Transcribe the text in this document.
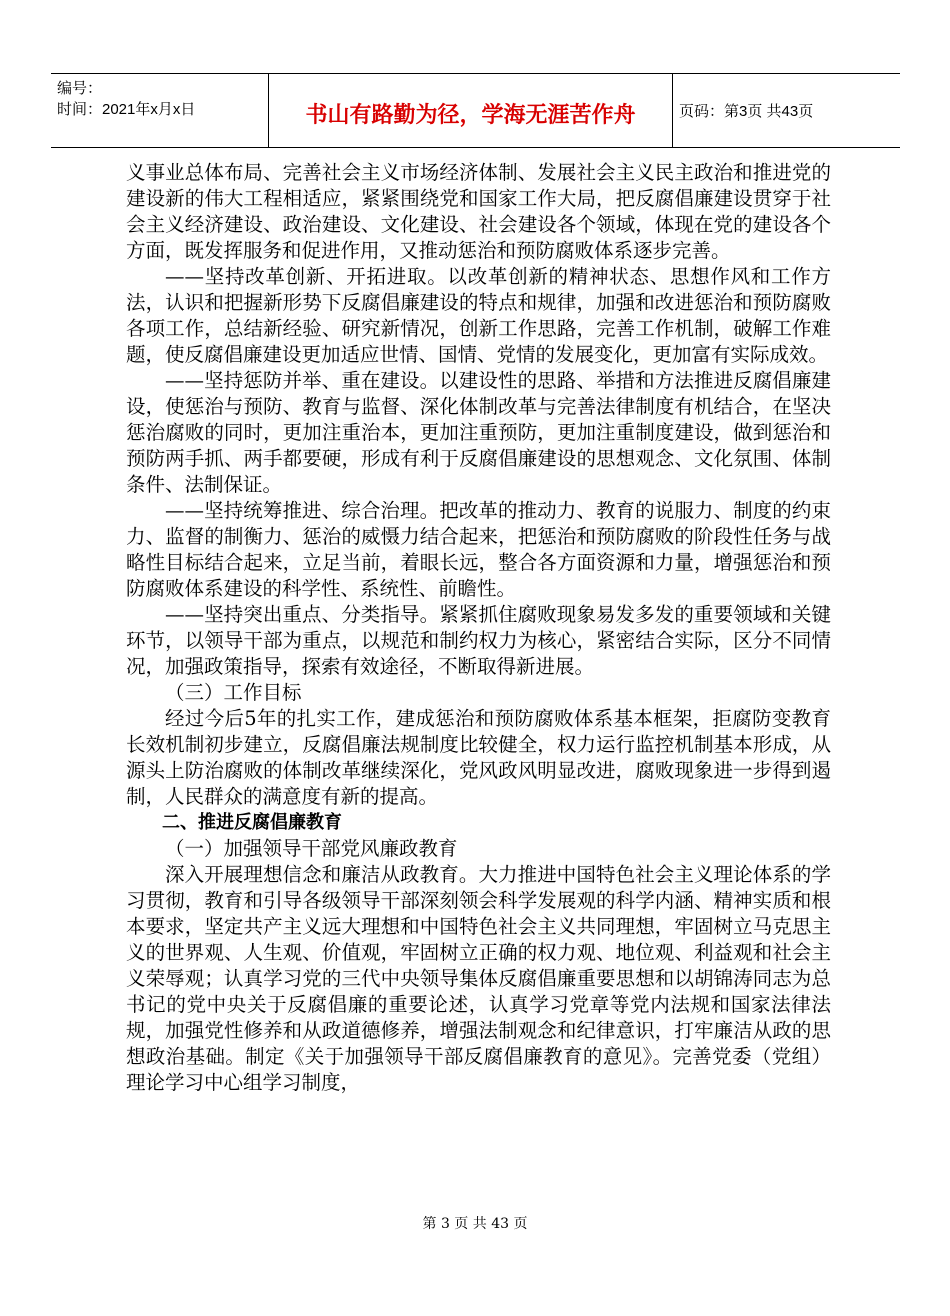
编号：
时间：2021年x月x日	书山有路勤为径，学海无涯苦作舟	页码：第3页 共43页

义事业总体布局、完善社会主义市场经济体制、发展社会主义民主政治和推进党的建设新的伟大工程相适应，紧紧围绕党和国家工作大局，把反腐倡廉建设贯穿于社会主义经济建设、政治建设、文化建设、社会建设各个领域，体现在党的建设各个方面，既发挥服务和促进作用，又推动惩治和预防腐败体系逐步完善。

——坚持改革创新、开拓进取。以改革创新的精神状态、思想作风和工作方法，认识和把握新形势下反腐倡廉建设的特点和规律，加强和改进惩治和预防腐败各项工作，总结新经验、研究新情况，创新工作思路，完善工作机制，破解工作难题，使反腐倡廉建设更加适应世情、国情、党情的发展变化，更加富有实际成效。

——坚持惩防并举、重在建设。以建设性的思路、举措和方法推进反腐倡廉建设，使惩治与预防、教育与监督、深化体制改革与完善法律制度有机结合，在坚决惩治腐败的同时，更加注重治本，更加注重预防，更加注重制度建设，做到惩治和预防两手抓、两手都要硬，形成有利于反腐倡廉建设的思想观念、文化氛围、体制条件、法制保证。

——坚持统筹推进、综合治理。把改革的推动力、教育的说服力、制度的约束力、监督的制衡力、惩治的威慑力结合起来，把惩治和预防腐败的阶段性任务与战略性目标结合起来，立足当前，着眼长远，整合各方面资源和力量，增强惩治和预防腐败体系建设的科学性、系统性、前瞻性。

——坚持突出重点、分类指导。紧紧抓住腐败现象易发多发的重要领域和关键环节，以领导干部为重点，以规范和制约权力为核心，紧密结合实际，区分不同情况，加强政策指导，探索有效途径，不断取得新进展。

（三）工作目标

经过今后5年的扎实工作，建成惩治和预防腐败体系基本框架，拒腐防变教育长效机制初步建立，反腐倡廉法规制度比较健全，权力运行监控机制基本形成，从源头上防治腐败的体制改革继续深化，党风政风明显改进，腐败现象进一步得到遏制，人民群众的满意度有新的提高。

二、推进反腐倡廉教育

（一）加强领导干部党风廉政教育

深入开展理想信念和廉洁从政教育。大力推进中国特色社会主义理论体系的学习贯彻，教育和引导各级领导干部深刻领会科学发展观的科学内涵、精神实质和根本要求，坚定共产主义远大理想和中国特色社会主义共同理想，牢固树立马克思主义的世界观、人生观、价值观，牢固树立正确的权力观、地位观、利益观和社会主义荣辱观；认真学习党的三代中央领导集体反腐倡廉重要思想和以胡锦涛同志为总书记的党中央关于反腐倡廉的重要论述，认真学习党章等党内法规和国家法律法规，加强党性修养和从政道德修养，增强法制观念和纪律意识，打牢廉洁从政的思想政治基础。制定《关于加强领导干部反腐倡廉教育的意见》。完善党委（党组）理论学习中心组学习制度，

第 3 页 共 43 页
